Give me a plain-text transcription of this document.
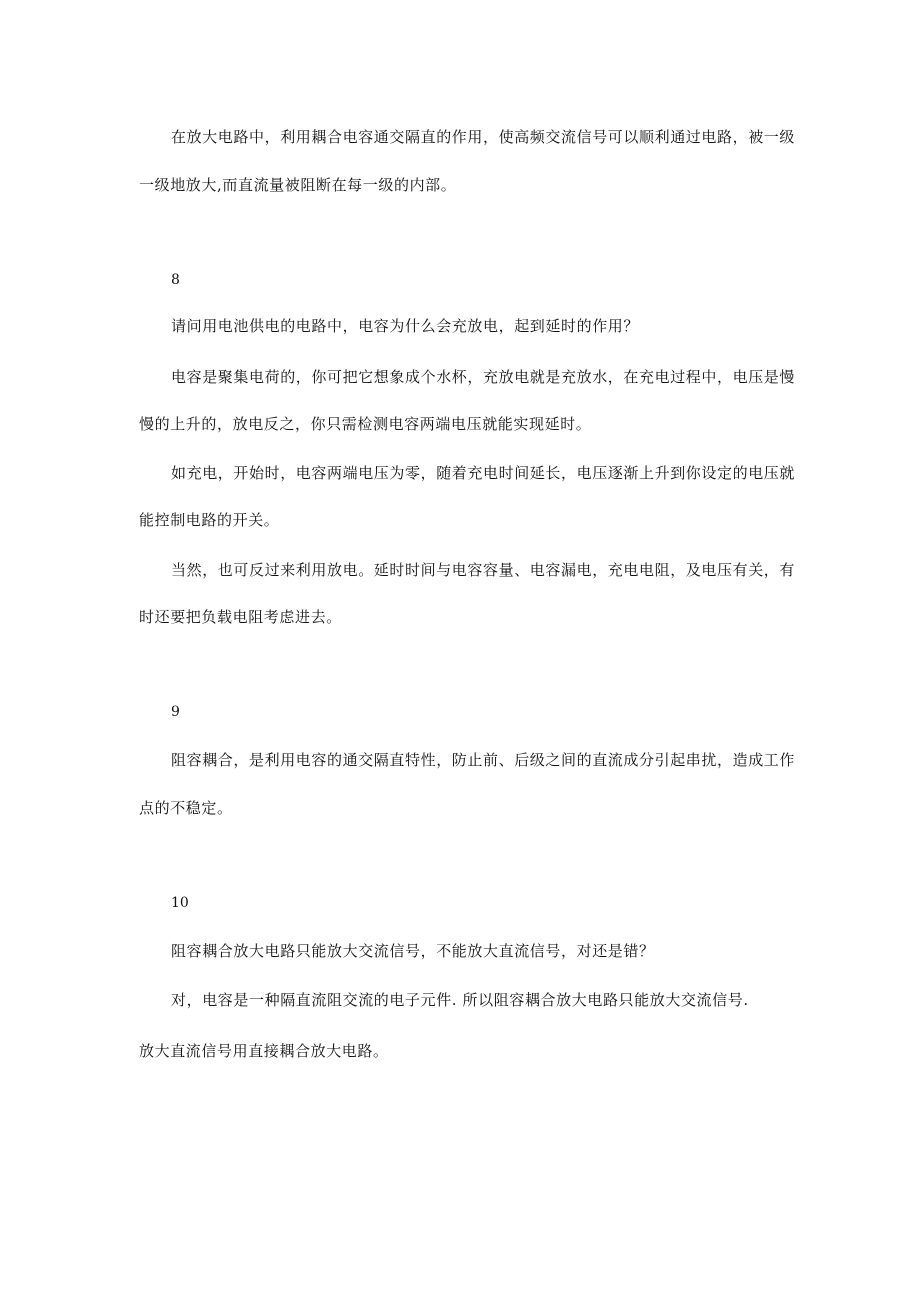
在放大电路中，利用耦合电容通交隔直的作用，使高频交流信号可以顺利通过电路，被一级
一级地放大,而直流量被阻断在每一级的内部。
8
请问用电池供电的电路中，电容为什么会充放电，起到延时的作用？
电容是聚集电荷的，你可把它想象成个水杯，充放电就是充放水，在充电过程中，电压是慢
慢的上升的，放电反之，你只需检测电容两端电压就能实现延时。
如充电，开始时，电容两端电压为零，随着充电时间延长，电压逐渐上升到你设定的电压就
能控制电路的开关。
当然，也可反过来利用放电。延时时间与电容容量、电容漏电，充电电阻，及电压有关，有
时还要把负载电阻考虑进去。
9
阻容耦合，是利用电容的通交隔直特性，防止前、后级之间的直流成分引起串扰，造成工作
点的不稳定。
10
阻容耦合放大电路只能放大交流信号，不能放大直流信号，对还是错？
对，电容是一种隔直流阻交流的电子元件. 所以阻容耦合放大电路只能放大交流信号.
放大直流信号用直接耦合放大电路。
